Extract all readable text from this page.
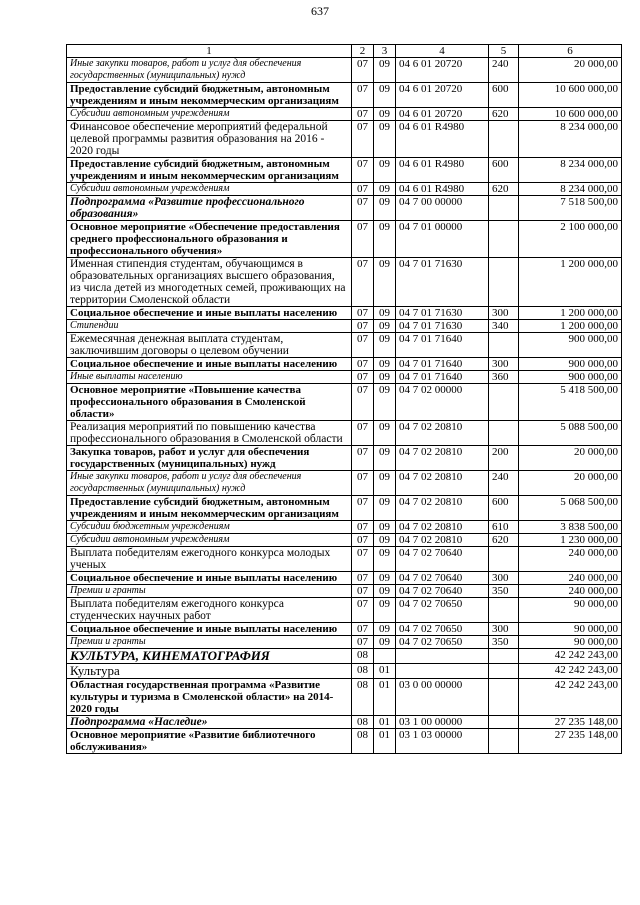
637
1	2	3	4	5	6
Иные закупки товаров, работ и услуг для обеспечения государственных (муниципальных) нужд	07	09	04 6 01 20720	240	20 000,00
Предоставление субсидий бюджетным, автономным учреждениям и иным некоммерческим организациям	07	09	04 6 01 20720	600	10 600 000,00
Субсидии автономным учреждениям	07	09	04 6 01 20720	620	10 600 000,00
Финансовое обеспечение мероприятий федеральной целевой программы развития образования на 2016 - 2020 годы	07	09	04 6 01 R4980		8 234 000,00
Предоставление субсидий бюджетным, автономным учреждениям и иным некоммерческим организациям	07	09	04 6 01 R4980	600	8 234 000,00
Субсидии автономным учреждениям	07	09	04 6 01 R4980	620	8 234 000,00
Подпрограмма «Развитие профессионального образования»	07	09	04 7 00 00000		7 518 500,00
Основное мероприятие «Обеспечение предоставления среднего профессионального образования и профессионального обучения»	07	09	04 7 01 00000		2 100 000,00
Именная стипендия студентам, обучающимся в образовательных организациях высшего образования, из числа детей из многодетных семей, проживающих на территории Смоленской области	07	09	04 7 01 71630		1 200 000,00
Социальное обеспечение и иные выплаты населению	07	09	04 7 01 71630	300	1 200 000,00
Стипендии	07	09	04 7 01 71630	340	1 200 000,00
Ежемесячная денежная выплата студентам, заключившим договоры о целевом обучении	07	09	04 7 01 71640		900 000,00
Социальное обеспечение и иные выплаты населению	07	09	04 7 01 71640	300	900 000,00
Иные выплаты населению	07	09	04 7 01 71640	360	900 000,00
Основное мероприятие «Повышение качества профессионального образования в Смоленской области»	07	09	04 7 02 00000		5 418 500,00
Реализация мероприятий по повышению качества профессионального образования в Смоленской области	07	09	04 7 02 20810		5 088 500,00
Закупка товаров, работ и услуг для обеспечения государственных (муниципальных) нужд	07	09	04 7 02 20810	200	20 000,00
Иные закупки товаров, работ и услуг для обеспечения государственных (муниципальных) нужд	07	09	04 7 02 20810	240	20 000,00
Предоставление субсидий бюджетным, автономным учреждениям и иным некоммерческим организациям	07	09	04 7 02 20810	600	5 068 500,00
Субсидии бюджетным учреждениям	07	09	04 7 02 20810	610	3 838 500,00
Субсидии автономным учреждениям	07	09	04 7 02 20810	620	1 230 000,00
Выплата победителям ежегодного конкурса молодых ученых	07	09	04 7 02 70640		240 000,00
Социальное обеспечение и иные выплаты населению	07	09	04 7 02 70640	300	240 000,00
Премии и гранты	07	09	04 7 02 70640	350	240 000,00
Выплата победителям ежегодного конкурса студенческих научных работ	07	09	04 7 02 70650		90 000,00
Социальное обеспечение и иные выплаты населению	07	09	04 7 02 70650	300	90 000,00
Премии и гранты	07	09	04 7 02 70650	350	90 000,00
КУЛЬТУРА, КИНЕМАТОГРАФИЯ	08				42 242 243,00
Культура	08	01			42 242 243,00
Областная государственная программа «Развитие культуры и туризма в Смоленской области» на 2014-2020 годы	08	01	03 0 00 00000		42 242 243,00
Подпрограмма «Наследие»	08	01	03 1 00 00000		27 235 148,00
Основное мероприятие «Развитие библиотечного обслуживания»	08	01	03 1 03 00000		27 235 148,00
